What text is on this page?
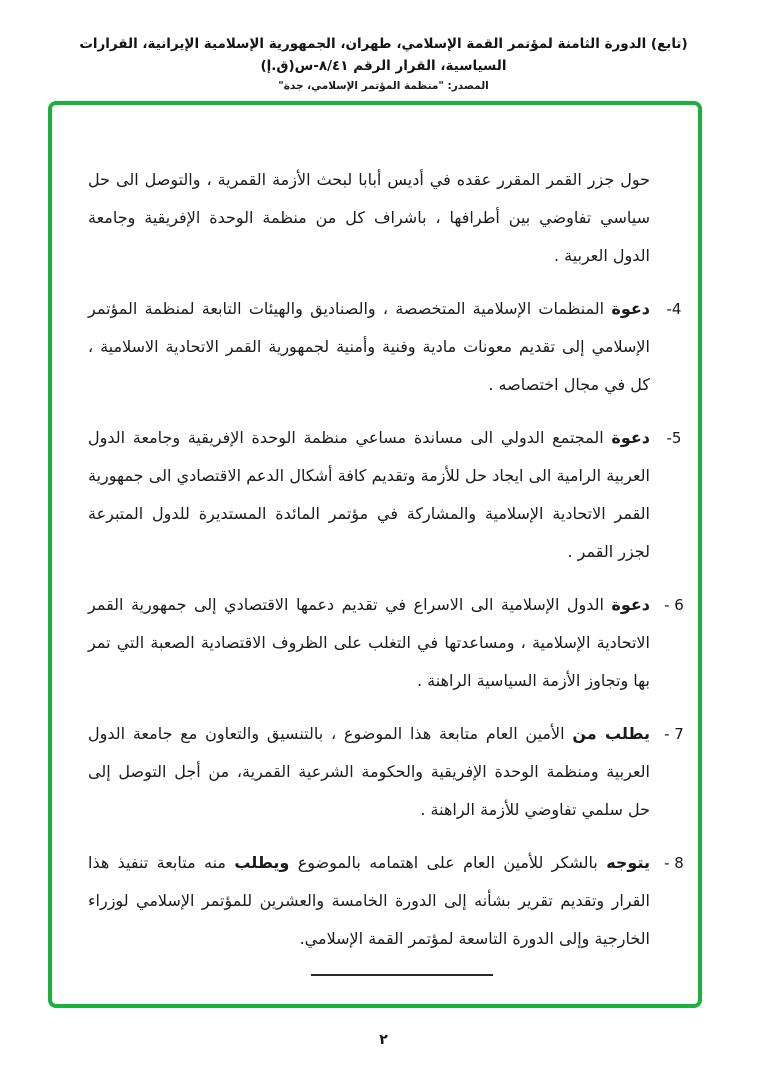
(تابع) الدورة الثامنة لمؤتمر القمة الإسلامي، طهران، الجمهورية الإسلامية الإيرانية، القرارات السياسية، القرار الرقم ٨/٤١-س(ق.إ)
المصدر: "منظمة المؤتمر الإسلامي، جدة"

حول جزر القمر المقرر عقده في أديس أبابا لبحث الأزمة القمرية ، والتوصل الى حل سياسي تفاوضي بين أطرافها ، باشراف كل من منظمة الوحدة الإفريقية وجامعة الدول العربية .

-4
دعوة المنظمات الإسلامية المتخصصة ، والصناديق والهيئات التابعة لمنظمة المؤتمر الإسلامي إلى تقديم معونات مادية وفنية وأمنية لجمهورية القمر الاتحادية الاسلامية ، كل في مجال اختصاصه .
-5
دعوة المجتمع الدولي الى مساندة مساعي منظمة الوحدة الإفريقية وجامعة الدول العربية الرامية الى ايجاد حل للأزمة وتقديم كافة أشكال الدعم الاقتصادي الى جمهورية القمر الاتحادية الإسلامية والمشاركة في مؤتمر المائدة المستديرة للدول المتبرعة لجزر القمر .
- 6
دعوة الدول الإسلامية الى الاسراع في تقديم دعمها الاقتصادي إلى جمهورية القمر الاتحادية الإسلامية ، ومساعدتها في التغلب على الظروف الاقتصادية الصعبة التي تمر بها وتجاوز الأزمة السياسية الراهنة .
- 7
يطلب من الأمين العام متابعة هذا الموضوع ، بالتنسيق والتعاون مع جامعة الدول العربية ومنظمة الوحدة الإفريقية والحكومة الشرعية القمرية، من أجل التوصل إلى حل سلمي تفاوضي للأزمة الراهنة .
- 8
يتوجه بالشكر للأمين العام على اهتمامه بالموضوع ويطلب منه متابعة تنفيذ هذا القرار وتقديم تقرير بشأنه إلى الدورة الخامسة والعشرين للمؤتمر الإسلامي لوزراء الخارجية وإلى الدورة التاسعة لمؤتمر القمة الإسلامي.
٢
